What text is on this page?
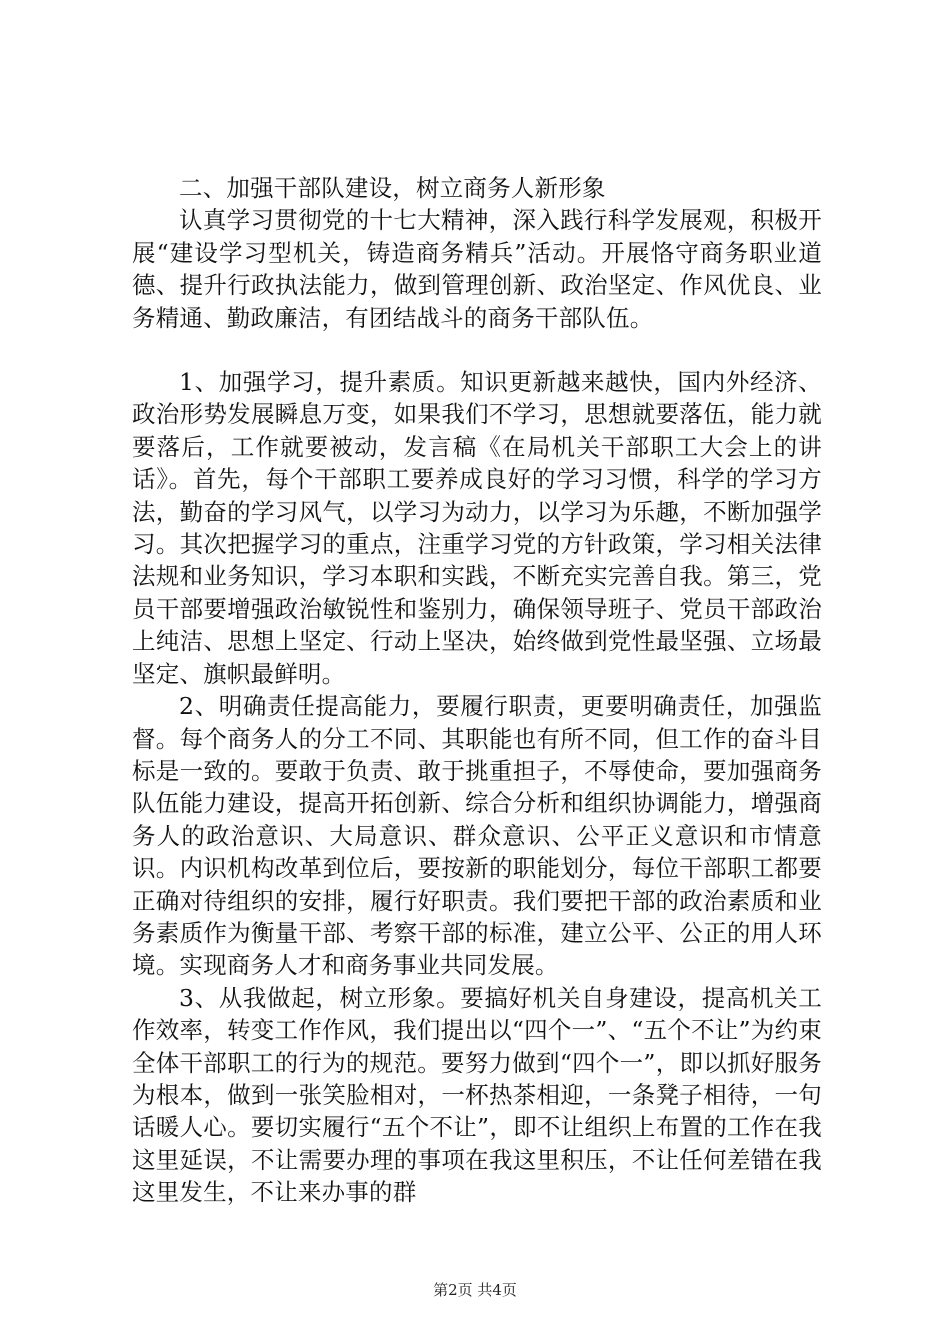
二、加强干部队建设，树立商务人新形象

认真学习贯彻党的十七大精神，深入践行科学发展观，积极开展“建设学习型机关，铸造商务精兵”活动。开展恪守商务职业道德、提升行政执法能力，做到管理创新、政治坚定、作风优良、业务精通、勤政廉洁，有团结战斗的商务干部队伍。

1、加强学习，提升素质。知识更新越来越快，国内外经济、政治形势发展瞬息万变，如果我们不学习，思想就要落伍，能力就要落后，工作就要被动，发言稿《在局机关干部职工大会上的讲话》。首先，每个干部职工要养成良好的学习习惯，科学的学习方法，勤奋的学习风气，以学习为动力，以学习为乐趣，不断加强学习。其次把握学习的重点，注重学习党的方针政策，学习相关法律法规和业务知识，学习本职和实践，不断充实完善自我。第三，党员干部要增强政治敏锐性和鉴别力，确保领导班子、党员干部政治上纯洁、思想上坚定、行动上坚决，始终做到党性最坚强、立场最坚定、旗帜最鲜明。

2、明确责任提高能力，要履行职责，更要明确责任，加强监督。每个商务人的分工不同、其职能也有所不同，但工作的奋斗目标是一致的。要敢于负责、敢于挑重担子，不辱使命，要加强商务队伍能力建设，提高开拓创新、综合分析和组织协调能力，增强商务人的政治意识、大局意识、群众意识、公平正义意识和市情意识。内识机构改革到位后，要按新的职能划分，每位干部职工都要正确对待组织的安排，履行好职责。我们要把干部的政治素质和业务素质作为衡量干部、考察干部的标准，建立公平、公正的用人环境。实现商务人才和商务事业共同发展。

3、从我做起，树立形象。要搞好机关自身建设，提高机关工作效率，转变工作作风，我们提出以“四个一”、“五个不让”为约束全体干部职工的行为的规范。要努力做到“四个一”，即以抓好服务为根本，做到一张笑脸相对，一杯热茶相迎，一条凳子相待，一句话暖人心。要切实履行“五个不让”，即不让组织上布置的工作在我这里延误，不让需要办理的事项在我这里积压，不让任何差错在我这里发生，不让来办事的群

第2页 共4页
